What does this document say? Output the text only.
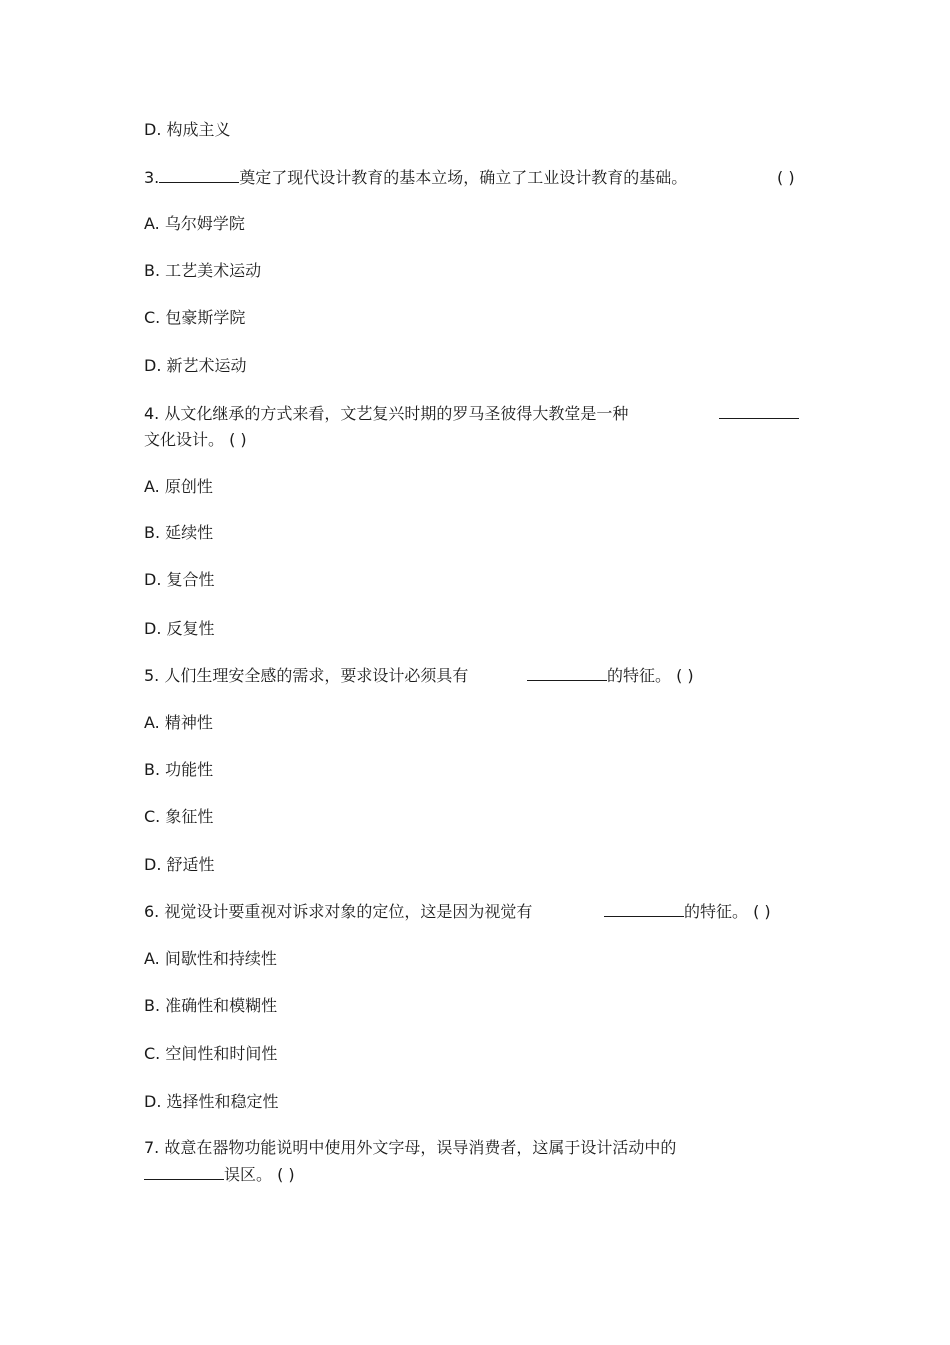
D. 构成主义
3.	奠定了现代设计教育的基本立场，确立了工业设计教育的基础。	( )
A. 乌尔姆学院
B. 工艺美术运动
C. 包豪斯学院
D. 新艺术运动
4. 从文化继承的方式来看，文艺复兴时期的罗马圣彼得大教堂是一种
文化设计。 ( )
A. 原创性
B. 延续性
D. 复合性
D. 反复性
5. 人们生理安全感的需求，要求设计必须具有	的特征。 ( )
A. 精神性
B. 功能性
C. 象征性
D. 舒适性
6. 视觉设计要重视对诉求对象的定位，这是因为视觉有	的特征。 ( )
A. 间歇性和持续性
B. 准确性和模糊性
C. 空间性和时间性
D. 选择性和稳定性
7. 故意在器物功能说明中使用外文字母，误导消费者，这属于设计活动中的
误区。 ( )
